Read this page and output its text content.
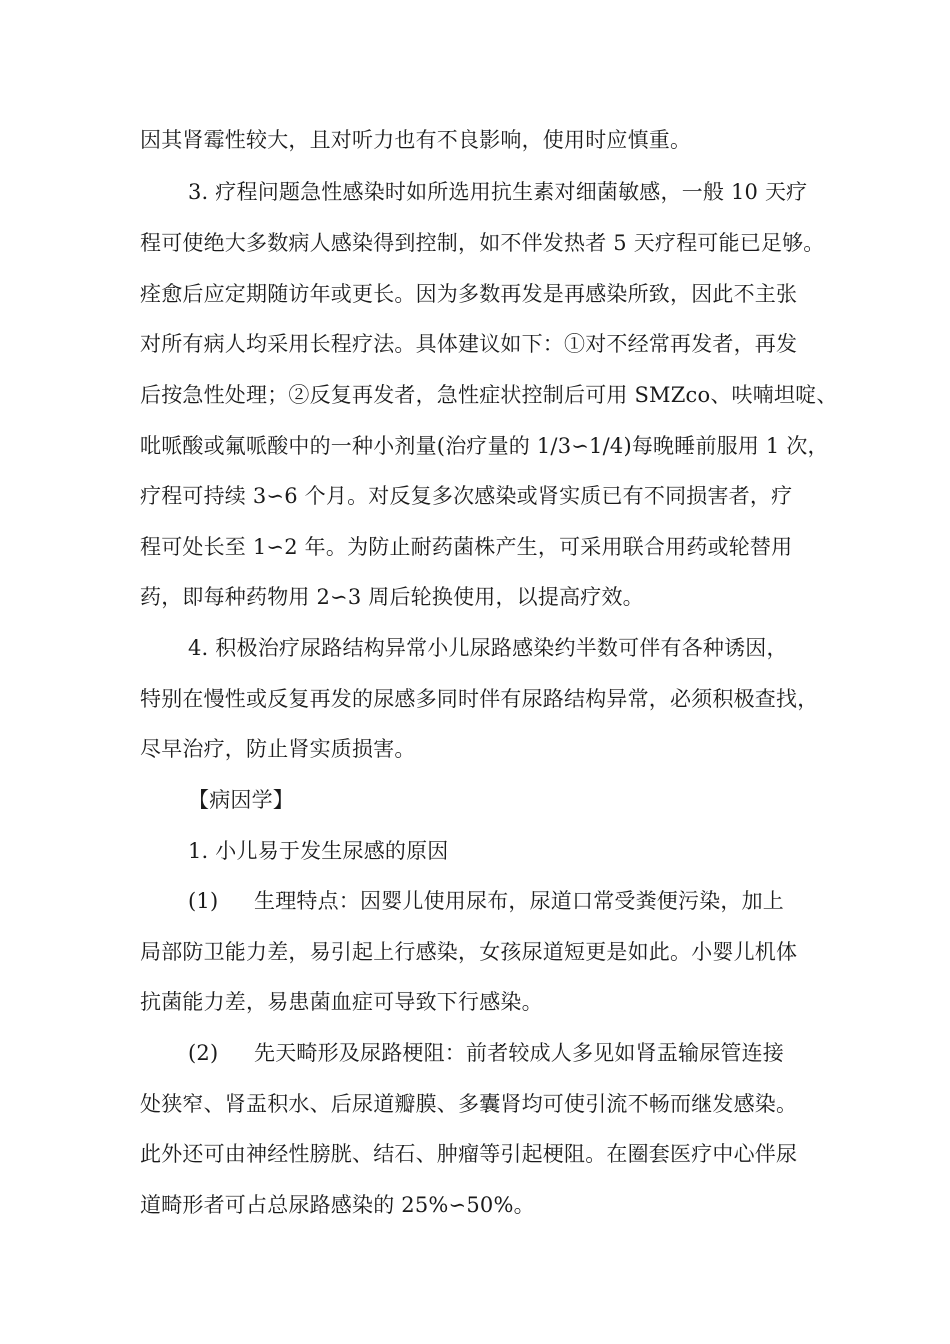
因其肾霉性较大，且对听力也有不良影响，使用时应慎重。
3. 疗程问题急性感染时如所选用抗生素对细菌敏感，一般 10 天疗
程可使绝大多数病人感染得到控制，如不伴发热者 5 天疗程可能已足够。
痊愈后应定期随访年或更长。因为多数再发是再感染所致，因此不主张
对所有病人均采用长程疗法。具体建议如下：①对不经常再发者，再发
后按急性处理；②反复再发者，急性症状控制后可用 SMZco、呋喃坦啶、
吡哌酸或氟哌酸中的一种小剂量(治疗量的 1/3∽1/4)每晚睡前服用 1 次，
疗程可持续 3∽6 个月。对反复多次感染或肾实质已有不同损害者，疗
程可处长至 1∽2 年。为防止耐药菌株产生，可采用联合用药或轮替用
药，即每种药物用 2∽3 周后轮换使用，以提高疗效。
4. 积极治疗尿路结构异常小儿尿路感染约半数可伴有各种诱因，
特别在慢性或反复再发的尿感多同时伴有尿路结构异常，必须积极查找，
尽早治疗，防止肾实质损害。
【病因学】
1. 小儿易于发生尿感的原因
(1) 生理特点：因婴儿使用尿布，尿道口常受粪便污染，加上
局部防卫能力差，易引起上行感染，女孩尿道短更是如此。小婴儿机体
抗菌能力差，易患菌血症可导致下行感染。
(2) 先天畸形及尿路梗阻：前者较成人多见如肾盂输尿管连接
处狭窄、肾盂积水、后尿道瓣膜、多囊肾均可使引流不畅而继发感染。
此外还可由神经性膀胱、结石、肿瘤等引起梗阻。在圈套医疗中心伴尿
道畸形者可占总尿路感染的 25%∽50%。
